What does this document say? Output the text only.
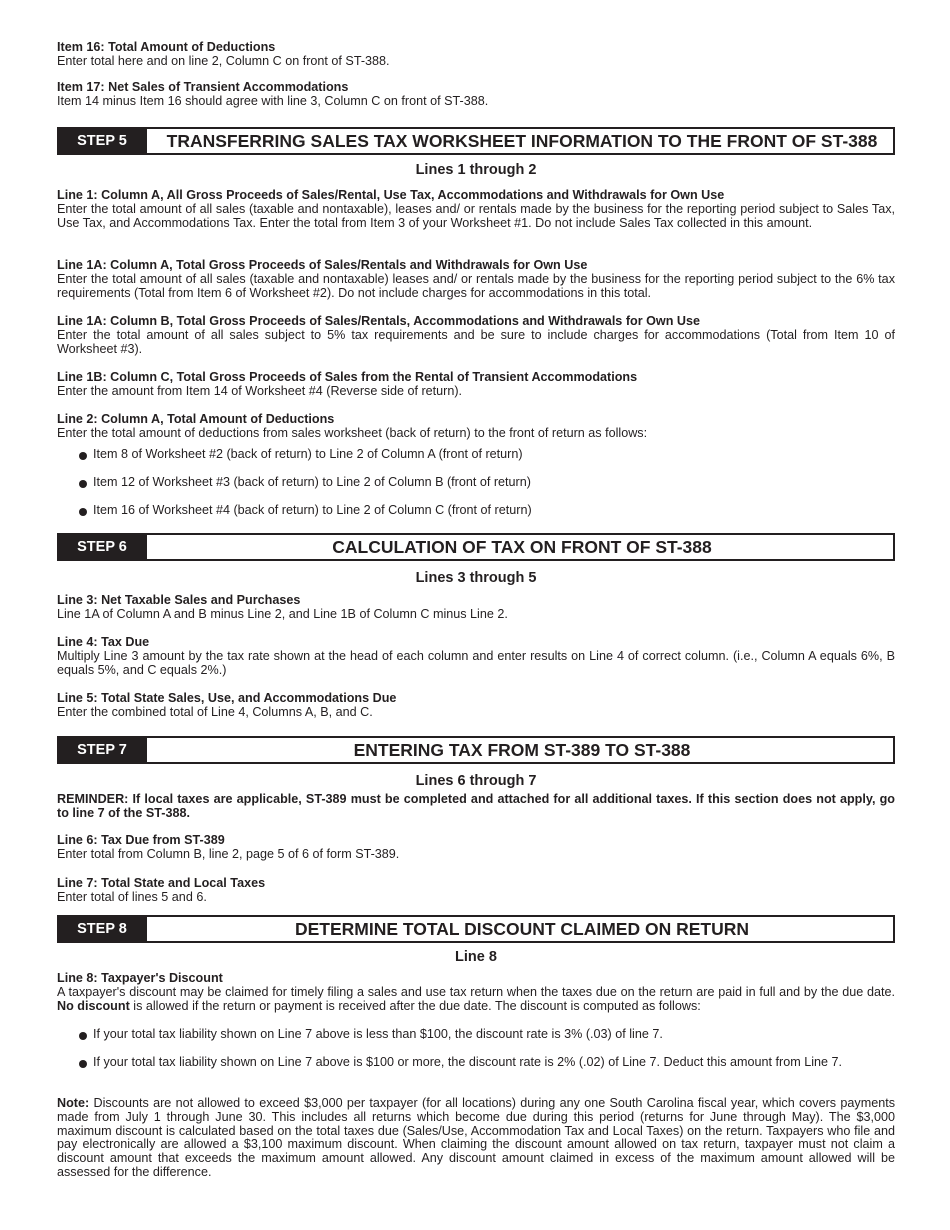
Item 16: Total Amount of Deductions
Enter total here and on line 2, Column C on front of ST-388.
Item 17: Net Sales of Transient Accommodations
Item 14 minus Item 16 should agree with line 3, Column C on front of ST-388.
STEP 5	TRANSFERRING SALES TAX WORKSHEET INFORMATION TO THE FRONT OF ST-388
Lines 1 through 2
Line 1: Column A, All Gross Proceeds of Sales/Rental, Use Tax, Accommodations and Withdrawals for Own Use
Enter the total amount of all sales (taxable and nontaxable), leases and/ or rentals made by the business for the reporting period subject to Sales Tax, Use Tax, and Accommodations Tax. Enter the total from Item 3 of your Worksheet #1. Do not include Sales Tax collected in this amount.
Line 1A: Column A, Total Gross Proceeds of Sales/Rentals and Withdrawals for Own Use
Enter the total amount of all sales (taxable and nontaxable) leases and/ or rentals made by the business for the reporting period subject to the 6% tax requirements (Total from Item 6 of Worksheet #2). Do not include charges for accommodations in this total.
Line 1A: Column B, Total Gross Proceeds of Sales/Rentals, Accommodations and Withdrawals for Own Use
Enter the total amount of all sales subject to 5% tax requirements and be sure to include charges for accommodations (Total from Item 10 of Worksheet #3).
Line 1B: Column C, Total Gross Proceeds of Sales from the Rental of Transient Accommodations
Enter the amount from Item 14 of Worksheet #4 (Reverse side of return).
Line 2: Column A, Total Amount of Deductions
Enter the total amount of deductions from sales worksheet (back of return) to the front of return as follows:
Item 8 of Worksheet #2 (back of return) to Line 2 of Column A (front of return)
Item 12 of Worksheet #3 (back of return) to Line 2 of Column B (front of return)
Item 16 of Worksheet #4 (back of return) to Line 2 of Column C (front of return)
STEP 6	CALCULATION OF TAX ON FRONT OF ST-388
Lines 3 through 5
Line 3: Net Taxable Sales and Purchases
Line 1A of Column A and B minus Line 2, and Line 1B of Column C minus Line 2.
Line 4: Tax Due
Multiply Line 3 amount by the tax rate shown at the head of each column and enter results on Line 4 of correct column. (i.e., Column A equals 6%, B equals 5%, and C equals 2%.)
Line 5: Total State Sales, Use, and Accommodations Due
Enter the combined total of Line 4, Columns A, B, and C.
STEP 7	ENTERING TAX FROM ST-389 TO ST-388
Lines 6 through 7
REMINDER: If local taxes are applicable, ST-389 must be completed and attached for all additional taxes. If this section does not apply, go to line 7 of the ST-388.
Line 6: Tax Due from ST-389
Enter total from Column B, line 2, page 5 of 6 of form ST-389.
Line 7: Total State and Local Taxes
Enter total of lines 5 and 6.
STEP 8	DETERMINE TOTAL DISCOUNT CLAIMED ON RETURN
Line 8
Line 8: Taxpayer's Discount
A taxpayer's discount may be claimed for timely filing a sales and use tax return when the taxes due on the return are paid in full and by the due date. No discount is allowed if the return or payment is received after the due date. The discount is computed as follows:
If your total tax liability shown on Line 7 above is less than $100, the discount rate is 3% (.03) of line 7.
If your total tax liability shown on Line 7 above is $100 or more, the discount rate is 2% (.02) of Line 7. Deduct this amount from Line 7.
Note: Discounts are not allowed to exceed $3,000 per taxpayer (for all locations) during any one South Carolina fiscal year, which covers payments made from July 1 through June 30. This includes all returns which become due during this period (returns for June through May). The $3,000 maximum discount is calculated based on the total taxes due (Sales/Use, Accommodation Tax and Local Taxes) on the return. Taxpayers who file and pay electronically are allowed a $3,100 maximum discount. When claiming the discount amount allowed on tax return, taxpayer must not claim a discount amount that exceeds the maximum amount allowed. Any discount amount claimed in excess of the maximum amount allowed will be assessed for the difference.
